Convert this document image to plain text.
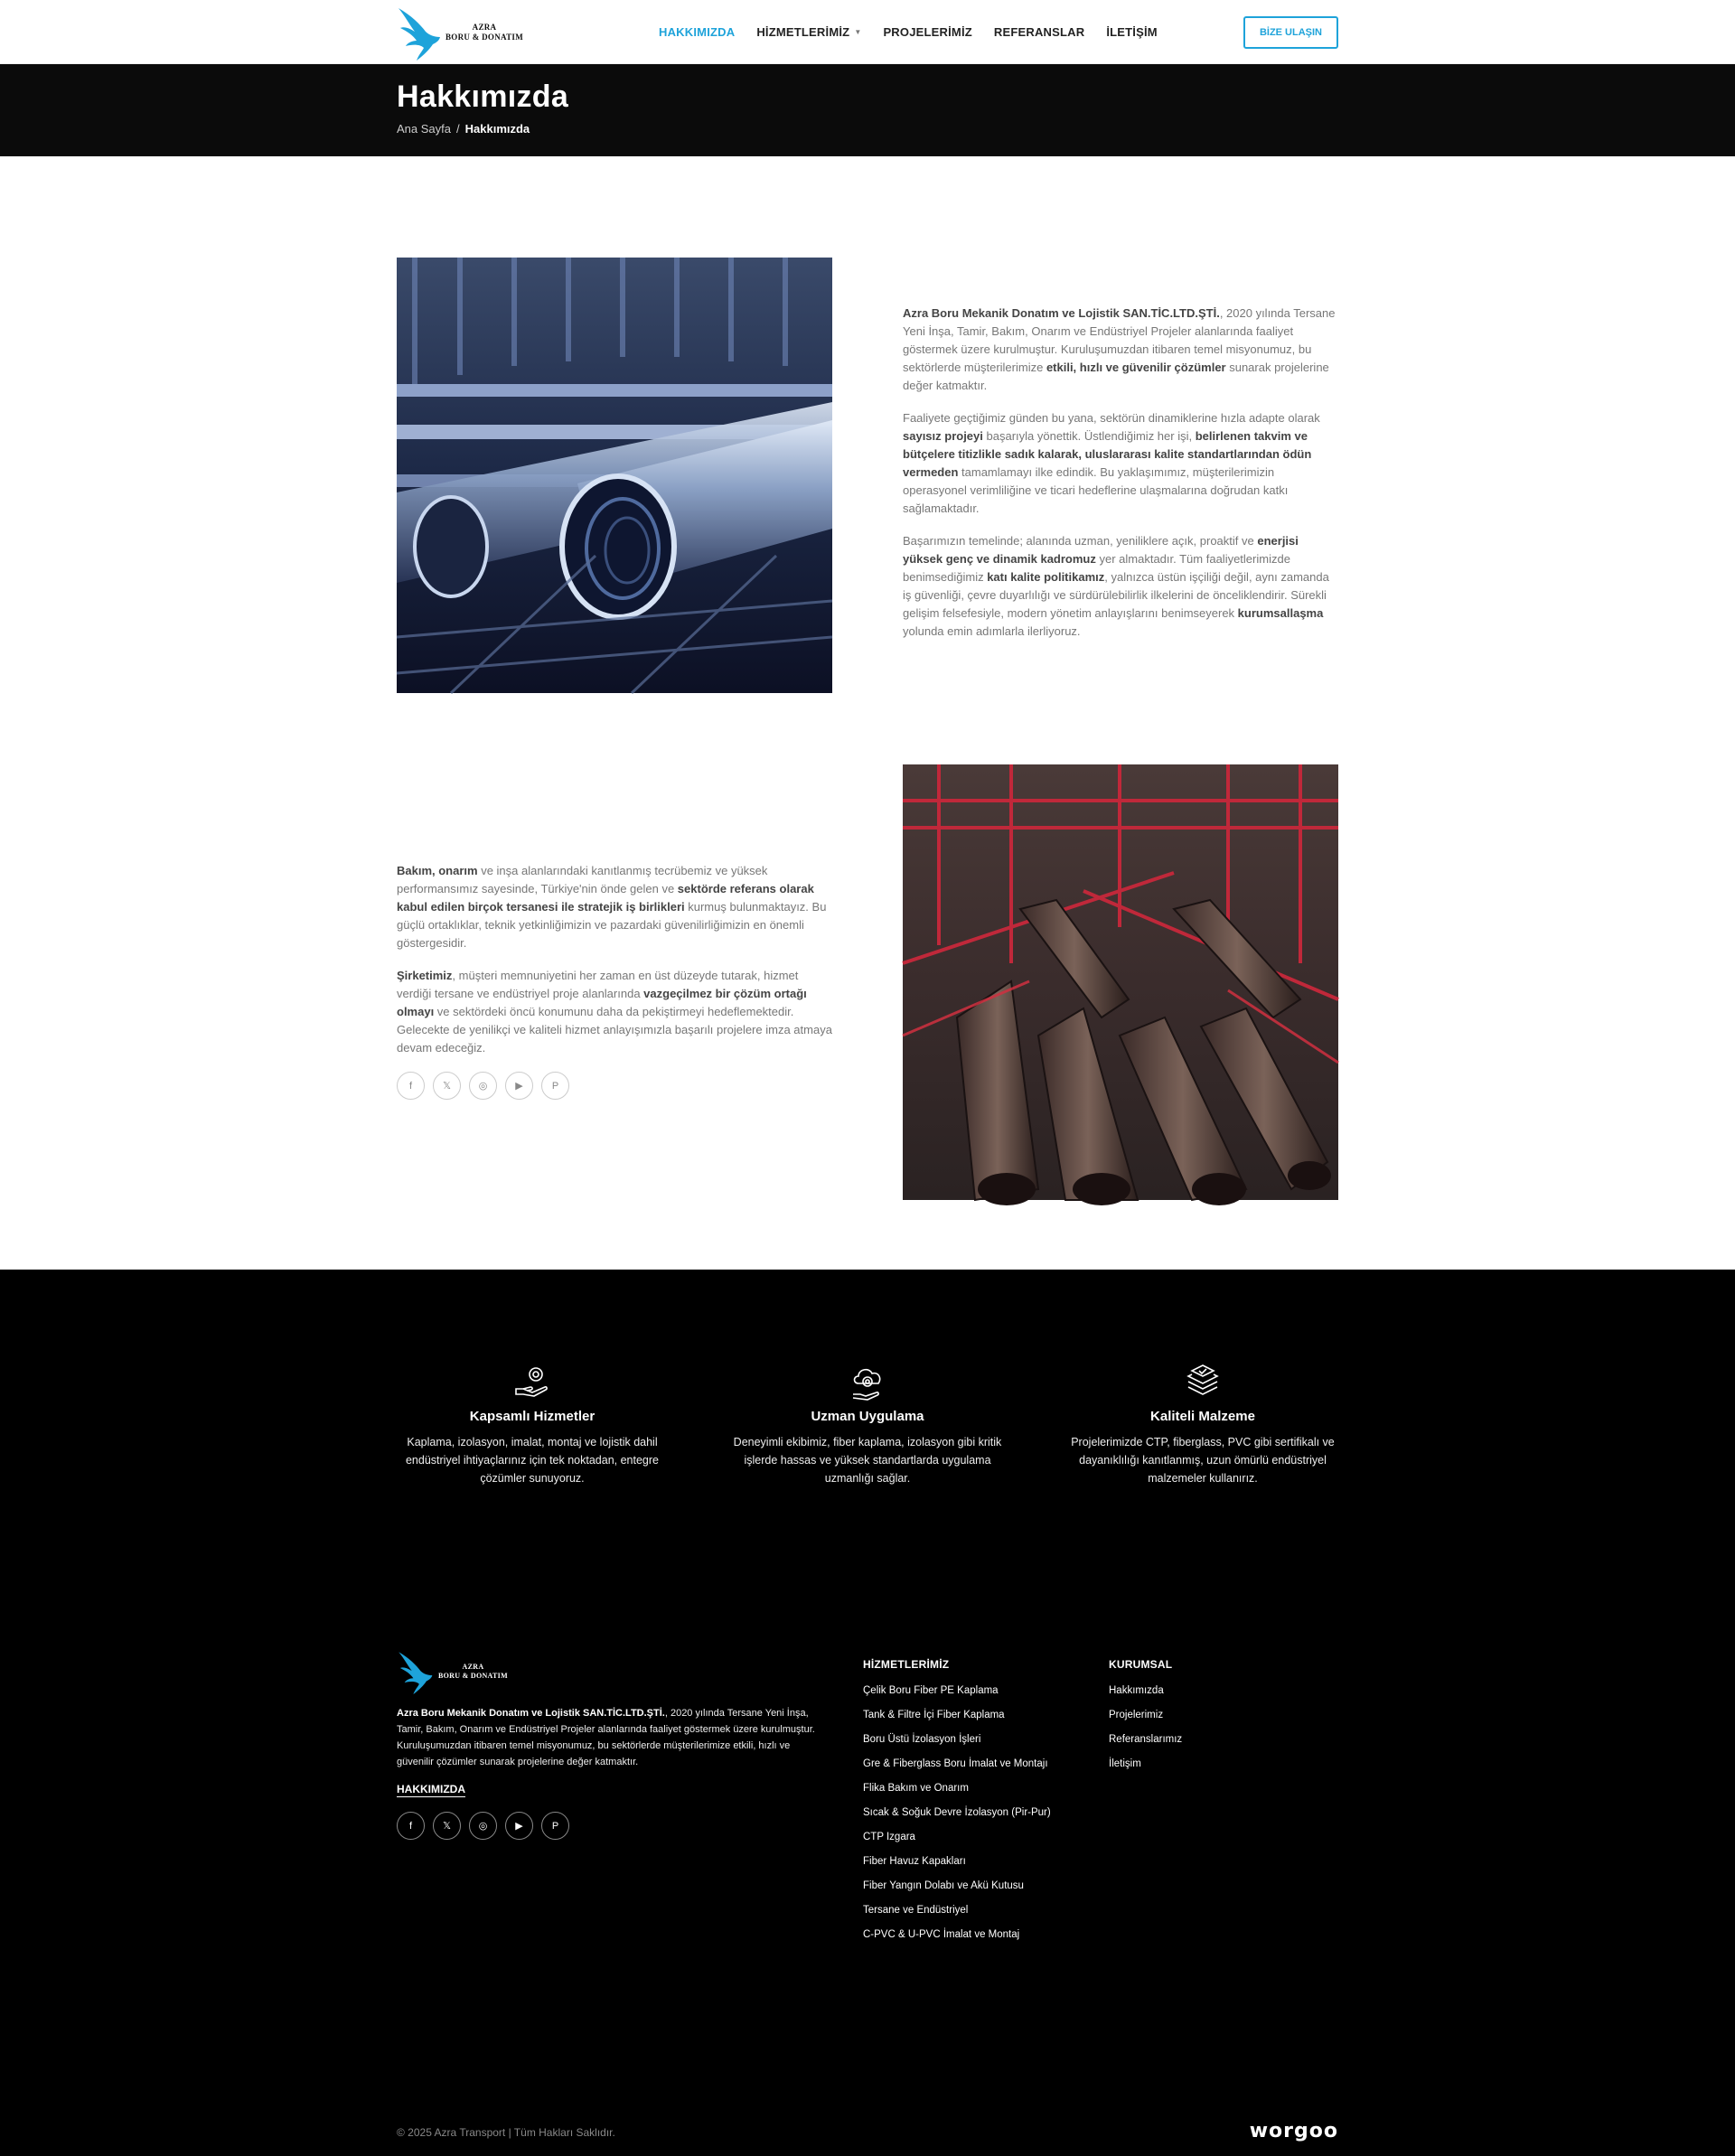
AZRA
BORU & DONATIM	HAKKIMIZDA HİZMETLERİMİZ ▼ PROJELERİMİZ REFERANSLAR İLETİŞİM	BİZE ULAŞIN
Hakkımızda
Ana Sayfa / Hakkımızda

Azra Boru Mekanik Donatım ve Lojistik SAN.TİC.LTD.ŞTİ., 2020 yılında Tersane Yeni İnşa, Tamir, Bakım, Onarım ve Endüstriyel Projeler alanlarında faaliyet göstermek üzere kurulmuştur. Kuruluşumuzdan itibaren temel misyonumuz, bu sektörlerde müşterilerimize etkili, hızlı ve güvenilir çözümler sunarak projelerine değer katmaktır.

Faaliyete geçtiğimiz günden bu yana, sektörün dinamiklerine hızla adapte olarak sayısız projeyi başarıyla yönettik. Üstlendiğimiz her işi, belirlenen takvim ve bütçelere titizlikle sadık kalarak, uluslararası kalite standartlarından ödün vermeden tamamlamayı ilke edindik. Bu yaklaşımımız, müşterilerimizin operasyonel verimliliğine ve ticari hedeflerine ulaşmalarına doğrudan katkı sağlamaktadır.

Başarımızın temelinde; alanında uzman, yeniliklere açık, proaktif ve enerjisi yüksek genç ve dinamik kadromuz yer almaktadır. Tüm faaliyetlerimizde benimsediğimiz katı kalite politikamız, yalnızca üstün işçiliği değil, aynı zamanda iş güvenliği, çevre duyarlılığı ve sürdürülebilirlik ilkelerini de önceliklendirir. Sürekli gelişim felsefesiyle, modern yönetim anlayışlarını benimseyerek kurumsallaşma yolunda emin adımlarla ilerliyoruz.

Bakım, onarım ve inşa alanlarındaki kanıtlanmış tecrübemiz ve yüksek performansımız sayesinde, Türkiye'nin önde gelen ve sektörde referans olarak kabul edilen birçok tersanesi ile stratejik iş birlikleri kurmuş bulunmaktayız. Bu güçlü ortaklıklar, teknik yetkinliğimizin ve pazardaki güvenilirliğimizin en önemli göstergesidir.

Şirketimiz, müşteri memnuniyetini her zaman en üst düzeyde tutarak, hizmet verdiği tersane ve endüstriyel proje alanlarında vazgeçilmez bir çözüm ortağı olmayı ve sektördeki öncü konumunu daha da pekiştirmeyi hedeflemektedir. Gelecekte de yenilikçi ve kaliteli hizmet anlayışımızla başarılı projelere imza atmaya devam edeceğiz.

f	𝕏	◎	▶	P
Kapsamlı Hizmetler

Kaplama, izolasyon, imalat, montaj ve lojistik dahil endüstriyel ihtiyaçlarınız için tek noktadan, entegre çözümler sunuyoruz.

Uzman Uygulama

Deneyimli ekibimiz, fiber kaplama, izolasyon gibi kritik işlerde hassas ve yüksek standartlarda uygulama uzmanlığı sağlar.

Kaliteli Malzeme

Projelerimizde CTP, fiberglass, PVC gibi sertifikalı ve dayanıklılığı kanıtlanmış, uzun ömürlü endüstriyel malzemeler kullanırız.

AZRA
BORU & DONATIM

Azra Boru Mekanik Donatım ve Lojistik SAN.TİC.LTD.ŞTİ., 2020 yılında Tersane Yeni İnşa, Tamir, Bakım, Onarım ve Endüstriyel Projeler alanlarında faaliyet göstermek üzere kurulmuştur. Kuruluşumuzdan itibaren temel misyonumuz, bu sektörlerde müşterilerimize etkili, hızlı ve güvenilir çözümler sunarak projelerine değer katmaktır.

HAKKIMIZDA
f	𝕏	◎	▶	P
HİZMETLERİMİZ
Çelik Boru Fiber PE Kaplama
Tank & Filtre İçi Fiber Kaplama
Boru Üstü İzolasyon İşleri
Gre & Fiberglass Boru İmalat ve Montajı
Flika Bakım ve Onarım
Sıcak & Soğuk Devre İzolasyon (Pir-Pur)
CTP Izgara
Fiber Havuz Kapakları
Fiber Yangın Dolabı ve Akü Kutusu
Tersane ve Endüstriyel
C-PVC & U-PVC İmalat ve Montaj
KURUMSAL
Hakkımızda
Projelerimiz
Referanslarımız
İletişim
© 2025 Azra Transport | Tüm Hakları Saklıdır.	worgoo
